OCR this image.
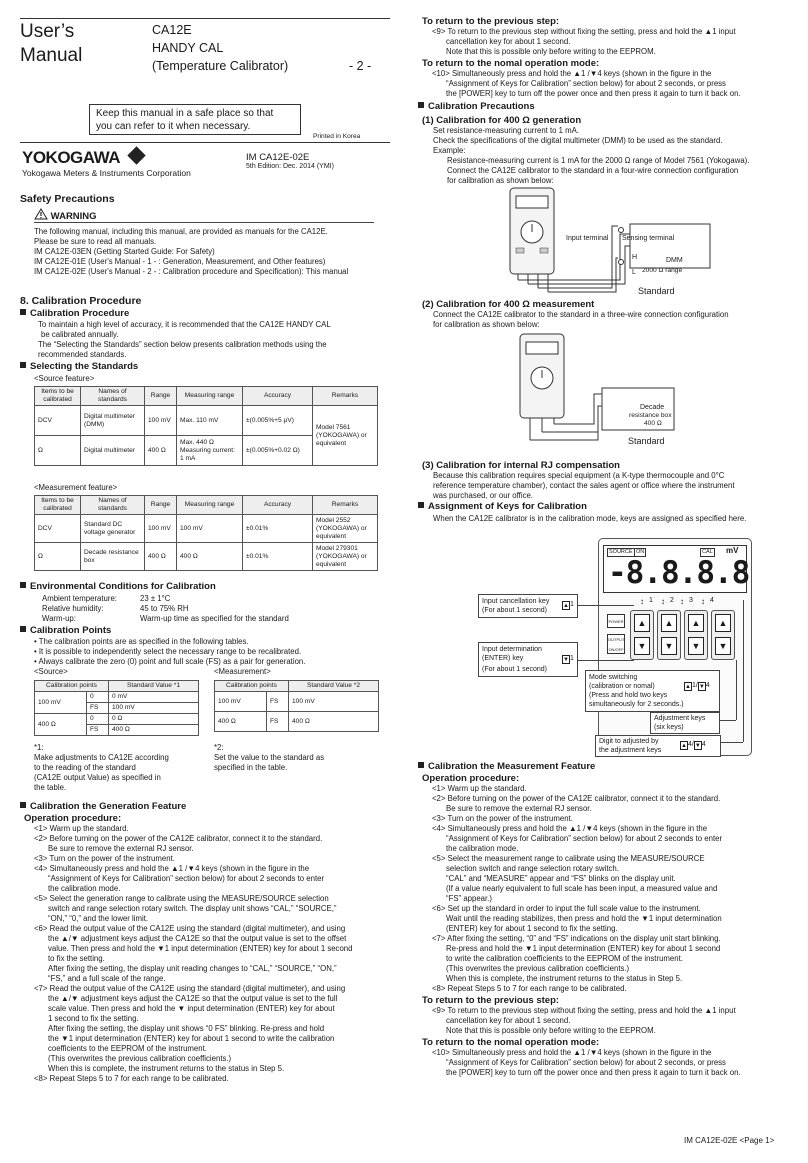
User’s
Manual
CA12E
HANDY CAL
(Temperature Calibrator)	- 2 -
Keep this manual in a safe place so that
you can refer to it when necessary.
Printed in Korea
YOKOGAWA
Yokogawa Meters & Instruments Corporation
IM CA12E-02E
5th Edition: Dec. 2014 (YMI)
Safety Precautions
WARNING
The following manual, including this manual, are provided as manuals for the CA12E.
Please be sure to read all manuals.
IM CA12E-03EN (Getting Started Guide: For Safety)
IM CA12E-01E (User's Manual - 1 - : Generation, Measurement, and Other features)
IM CA12E-02E (User's Manual - 2 - : Calibration procedure and Specification): This manual
8. Calibration Procedure
Calibration Procedure
To maintain a high level of accuracy, it is recommended that the CA12E HANDY CAL
be calibrated annually.
The “Selecting the Standards” section below presents calibration methods using the
recommended standards.
Selecting the Standards
<Source feature>
Items to be calibrated	Names of standards	Range	Measuring range	Accuracy	Remarks
DCV	Digital multimeter (DMM)	100 mV	Max. 110 mV	±(0.005%+5 μV)	Model 7561 (YOKOGAWA) or equivalent
Ω	Digital multimeter	400 Ω	Max. 440 Ω Measuring current: 1 mA	±(0.005%+0.02 Ω)	
<Measurement feature>
Items to be calibrated	Names of standards	Range	Measuring range	Accuracy	Remarks
DCV	Standard DC voltage generator	100 mV	100 mV	±0.01%	Model 2552 (YOKOGAWA) or equivalent
Ω	Decade resistance box	400 Ω	400 Ω	±0.01%	Model 279301 (YOKOGAWA) or equivalent
Environmental Conditions for Calibration
Ambient temperature:	23 ± 1°C
Relative humidity:	45 to 75% RH
Warm-up:	Warm-up time as specified for the standard
Calibration Points
• The calibration points are as specified in the following tables.
• It is possible to independently select the necessary range to be recalibrated.
• Always calibrate the zero (0) point and full scale (FS) as a pair for generation.
<Source>	<Measurement>
Calibration points		Standard Value *1
100 mV	0	0 mV
	FS	100 mV
400 Ω	0	0 Ω
	FS	400 Ω
Calibration points		Standard Value *2
100 mV	FS	100 mV
400 Ω	FS	400 Ω
*1:
Make adjustments to CA12E according
to the reading of the standard
(CA12E output Value) as specified in
the table.
*2:
Set the value to the standard as
specified in the table.
Calibration the Generation Feature
Operation procedure:
<1> Warm up the standard.
<2> Before turning on the power of the CA12E calibrator, connect it to the standard.
Be sure to remove the external RJ sensor.
<3> Turn on the power of the instrument.
<4> Simultaneously press and hold the ▲1 /▼4 keys (shown in the figure in the
“Assignment of Keys for Calibration” section below) for about 2 seconds to enter
the calibration mode.
<5> Select the generation range to calibrate using the MEASURE/SOURCE selection
switch and range selection rotary switch. The display unit shows “CAL,” “SOURCE,”
“ON,” “0,” and the lower limit.
<6> Read the output value of the CA12E using the standard (digital multimeter), and using
the ▲/▼ adjustment keys adjust the CA12E so that the output value is set to the offset
value. Then press and hold the ▼1 input determination (ENTER) key for about 1 second
to fix the setting.
After fixing the setting, the display unit reading changes to “CAL,” “SOURCE,” “ON,”
“FS,” and a full scale of the range.
<7> Read the output value of the CA12E using the standard (digital multimeter), and using
the ▲/▼ adjustment keys adjust the CA12E so that the output value is set to the full
scale value. Then press and hold the ▼ input determination (ENTER) key for about
1 second to fix the setting.
After fixing the setting, the display unit shows “0 FS” blinking. Re-press and hold
the ▼1 input determination (ENTER) key for about 1 second to write the calibration
coefficients to the EEPROM of the instrument.
(This overwrites the previous calibration coefficients.)
When this is complete, the instrument returns to the status in Step 5.
<8> Repeat Steps 5 to 7 for each range to be calibrated.
To return to the previous step:
<9> To return to the previous step without fixing the setting, press and hold the ▲1 input
cancellation key for about 1 second.
Note that this is possible only before writing to the EEPROM.
To return to the nomal operation mode:
<10> Simultaneously press and hold the ▲1 /▼4 keys (shown in the figure in the
“Assignment of Keys for Calibration” section below) for about 2 seconds, or press
the [POWER] key to turn off the power once and then press it again to turn it back on.
Calibration Precautions
(1) Calibration for 400 Ω generation
Set resistance-measuring current to 1 mA.
Check the specifications of the digital multimeter (DMM) to be used as the standard.
Example:
Resistance-measuring current is 1 mA for the 2000 Ω range of Model 7561 (Yokogawa).
Connect the CA12E calibrator to the standard in a four-wire connection configuration
for calibration as shown below:
Input terminal Sensing terminal
H
L
DMM
2000 Ω range
Standard
(2) Calibration for 400 Ω measurement
Connect the CA12E calibrator to the standard in a three-wire connection configuration
for calibration as shown below:
Decade
resistance box
400 Ω
Standard
(3) Calibration for internal RJ compensation
Because this calibration requires special equipment (a K-type thermocouple and 0°C
reference temperature chamber), contact the sales agent or office where the instrument
was purchased, or our office.
Assignment of Keys for Calibration
When the CA12E calibrator is in the calibration mode, keys are assigned as specified here.
SOURCE ON	CAL mV
-8.8.8.8
↕ 1 ↕ 2 ↕ 3 ↕ 4
POWER
OUTPUT ON/OFF
▲
▼
▲
▼
▲
▼
▲
▼
Input cancellation key
(For about 1 second)
▲1
Input determination
(ENTER) key
(For about 1 second)
▼1
Mode switching
(calibration or nomal)
(Press and hold two keys
simultaneously for 2 seconds.)
▲1/▼4
Adjustment keys
(six keys)
Digit to adjusted by
the adjustment keys
▲4/▼4
Calibration the Measurement Feature
Operation procedure:
<1> Warm up the standard.
<2> Before turning on the power of the CA12E calibrator, connect it to the standard.
Be sure to remove the external RJ sensor.
<3> Turn on the power of the instrument.
<4> Simultaneously press and hold the ▲1 /▼4 keys (shown in the figure in the
“Assignment of Keys for Calibration” section below) for about 2 seconds to enter
the calibration mode.
<5> Select the measurement range to calibrate using the MEASURE/SOURCE
selection switch and range selection rotary switch.
“CAL” and “MEASURE” appear and “FS” blinks on the display unit.
(If a value nearly equivalent to full scale has been input, a measured value and
“FS” appear.)
<6> Set up the standard in order to input the full scale value to the instrument.
Wait until the reading stabilizes, then press and hold the ▼1 input determination
(ENTER) key for about 1 second to fix the setting.
<7> After fixing the setting, “0” and “FS” indications on the display unit start blinking.
Re-press and hold the ▼1 input determination (ENTER) key for about 1 second
to write the calibration coefficients to the EEPROM of the instrument.
(This overwrites the previous calibration coefficients.)
When this is complete, the instrument returns to the status in Step 5.
<8> Repeat Steps 5 to 7 for each range to be calibrated.
To return to the previous step:
<9> To return to the previous step without fixing the setting, press and hold the ▲1 input
cancellation key for about 1 second.
Note that this is possible only before writing to the EEPROM.
To return to the nomal operation mode:
<10> Simultaneously press and hold the ▲1 /▼4 keys (shown in the figure in the
“Assignment of Keys for Calibration” section below) for about 2 seconds, or press
the [POWER] key to turn off the power once and then press it again to turn it back on.
IM CA12E-02E <Page 1>
